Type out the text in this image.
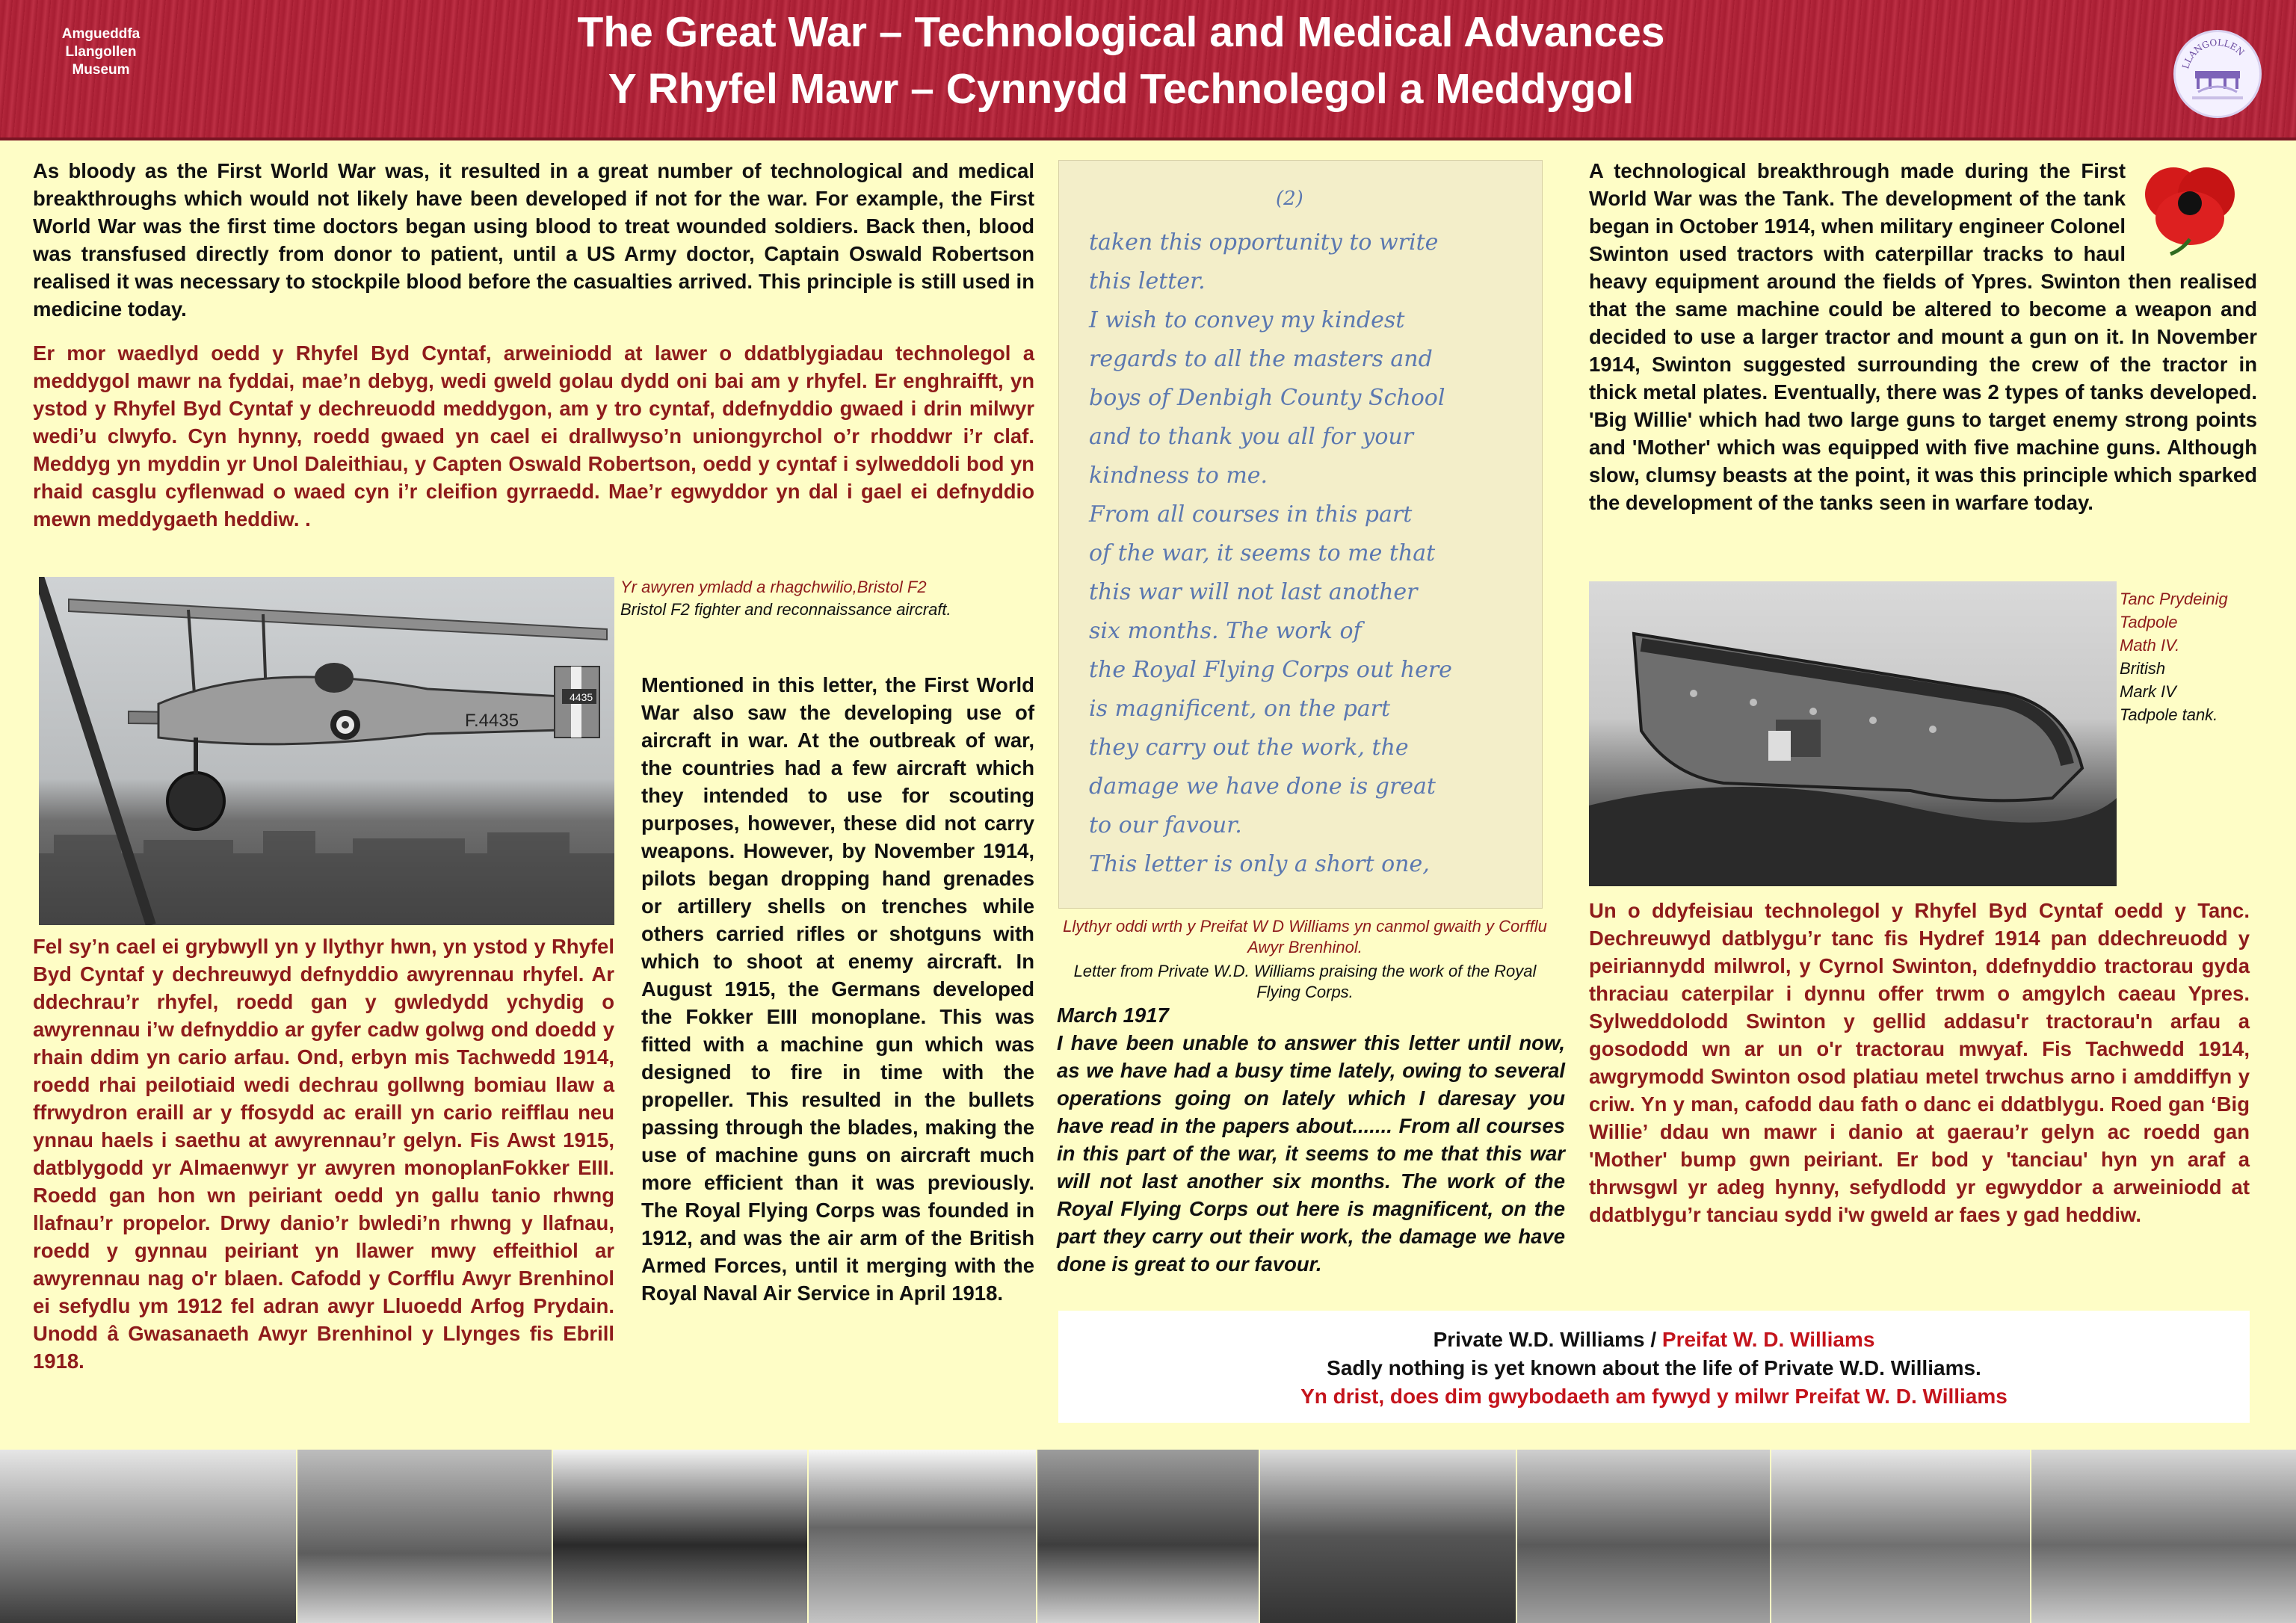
Amgueddfa
Llangollen
Museum
The Great War – Technological and Medical Advances
Y Rhyfel Mawr – Cynnydd Technolegol a Meddygol	LLANGOLLEN
As bloody as the First World War was, it resulted in a great number of technological and medical breakthroughs which would not likely have been developed if not for the war. For example, the First World War was the first time doctors began using blood to treat wounded soldiers. Back then, blood was transfused directly from donor to patient, until a US Army doctor, Captain Oswald Robertson realised it was necessary to stockpile blood before the casualties arrived. This principle is still used in medicine today.
Er mor waedlyd oedd y Rhyfel Byd Cyntaf, arweiniodd at lawer o ddatblygiadau technolegol a meddygol mawr na fyddai, mae’n debyg, wedi gweld golau dydd oni bai am y rhyfel. Er enghraifft, yn ystod y Rhyfel Byd Cyntaf y dechreuodd meddygon, am y tro cyntaf, ddefnyddio gwaed i drin milwyr wedi’u clwyfo. Cyn hynny, roedd gwaed yn cael ei drallwyso’n uniongyrchol o’r rhoddwr i’r claf. Meddyg yn myddin yr Unol Daleithiau, y Capten Oswald Robertson, oedd y cyntaf i sylweddoli bod yn rhaid casglu cyflenwad o waed cyn i’r cleifion gyrraedd. Mae’r egwyddor yn dal i gael ei defnyddio mewn meddygaeth heddiw. .
4435
F.4435
Yr awyren ymladd a rhagchwilio,Bristol F2
Bristol F2 fighter and reconnaissance aircraft.
Fel sy’n cael ei grybwyll yn y llythyr hwn, yn ystod y Rhyfel Byd Cyntaf y dechreuwyd defnyddio awyrennau rhyfel. Ar ddechrau’r rhyfel, roedd gan y gwledydd ychydig o awyrennau i’w defnyddio ar gyfer cadw golwg ond doedd y rhain ddim yn cario arfau. Ond, erbyn mis Tachwedd 1914, roedd rhai peilotiaid wedi dechrau gollwng bomiau llaw a ffrwydron eraill ar y ffosydd ac eraill yn cario reifflau neu ynnau haels i saethu at awyrennau’r gelyn. Fis Awst 1915, datblygodd yr Almaenwyr yr awyren monoplanFokker EIII. Roedd gan hon wn peiriant oedd yn gallu tanio rhwng llafnau’r propelor. Drwy danio’r bwledi’n rhwng y llafnau, roedd y gynnau peiriant yn llawer mwy effeithiol ar awyrennau nag o'r blaen. Cafodd y Corfflu Awyr Brenhinol ei sefydlu ym 1912 fel adran awyr Lluoedd Arfog Prydain. Unodd â Gwasanaeth Awyr Brenhinol y Llynges fis Ebrill 1918.
Mentioned in this letter, the First World War also saw the developing use of aircraft in war. At the outbreak of war, the countries had a few aircraft which they intended to use for scouting purposes, however, these did not carry weapons. However, by November 1914, pilots began dropping hand grenades or artillery shells on trenches while others carried rifles or shotguns with which to shoot at enemy aircraft. In August 1915, the Germans developed the Fokker EIII monoplane. This was fitted with a machine gun which was designed to fire in time with the propeller. This resulted in the bullets passing through the blades, making the use of machine guns on aircraft much more efficient than it was previously. The Royal Flying Corps was founded in 1912, and was the air arm of the British Armed Forces, until it merging with the Royal Naval Air Service in April 1918.
(2)
taken this opportunity to write
this letter.
I wish to convey my kindest
regards to all the masters and
boys of Denbigh County School
and to thank you all for your
kindness to me.
From all courses in this part
of the war, it seems to me that
this war will not last another
six months. The work of
the Royal Flying Corps out here
is magnificent, on the part
they carry out the work, the
damage we have done is great
to our favour.
This letter is only a short one,
Llythyr oddi wrth y Preifat W D Williams yn canmol gwaith y Corfflu Awyr Brenhinol.
Letter from Private W.D. Williams praising the work of the Royal Flying Corps.
March 1917
I have been unable to answer this letter until now, as we have had a busy time lately, owing to several operations going on lately which I daresay you have read in the papers about....... From all courses in this part of the war, it seems to me that this war will not last another six months. The work of the Royal Flying Corps out here is magnificent, on the part they carry out their work, the damage we have done is great to our favour.
Private W.D. Williams / Preifat W. D. Williams
Sadly nothing is yet known about the life of Private W.D. Williams.
Yn drist, does dim gwybodaeth am fywyd y milwr Preifat W. D. Williams
A technological breakthrough made during the First World War was the Tank. The development of the tank began in October 1914, when military engineer Colonel Swinton used tractors with caterpillar tracks to haul heavy equipment around the fields of Ypres. Swinton then realised that the same machine could be altered to become a weapon and decided to use a larger tractor and mount a gun on it. In November 1914, Swinton suggested surrounding the crew of the tractor in thick metal plates. Eventually, there was 2 types of tanks developed. 'Big Willie' which had two large guns to target enemy strong points and 'Mother' which was equipped with five machine guns. Although slow, clumsy beasts at the point, it was this principle which sparked the development of the tanks seen in warfare today.
Tanc Prydeinig
Tadpole
Math IV.
British
Mark IV
Tadpole tank.
Un o ddyfeisiau technolegol y Rhyfel Byd Cyntaf oedd y Tanc. Dechreuwyd datblygu’r tanc fis Hydref 1914 pan ddechreuodd y peiriannydd milwrol, y Cyrnol Swinton, ddefnyddio tractorau gyda thraciau caterpilar i dynnu offer trwm o amgylch caeau Ypres. Sylweddolodd Swinton y gellid addasu'r tractorau'n arfau a gosododd wn ar un o'r tractorau mwyaf. Fis Tachwedd 1914, awgrymodd Swinton osod platiau metel trwchus arno i amddiffyn y criw. Yn y man, cafodd dau fath o danc ei ddatblygu. Roed gan ‘Big Willie’ ddau wn mawr i danio at gaerau’r gelyn ac roedd gan 'Mother' bump gwn peiriant. Er bod y 'tanciau' hyn yn araf a thrwsgwl yr adeg hynny, sefydlodd yr egwyddor a arweiniodd at ddatblygu’r tanciau sydd i'w gweld ar faes y gad heddiw.
